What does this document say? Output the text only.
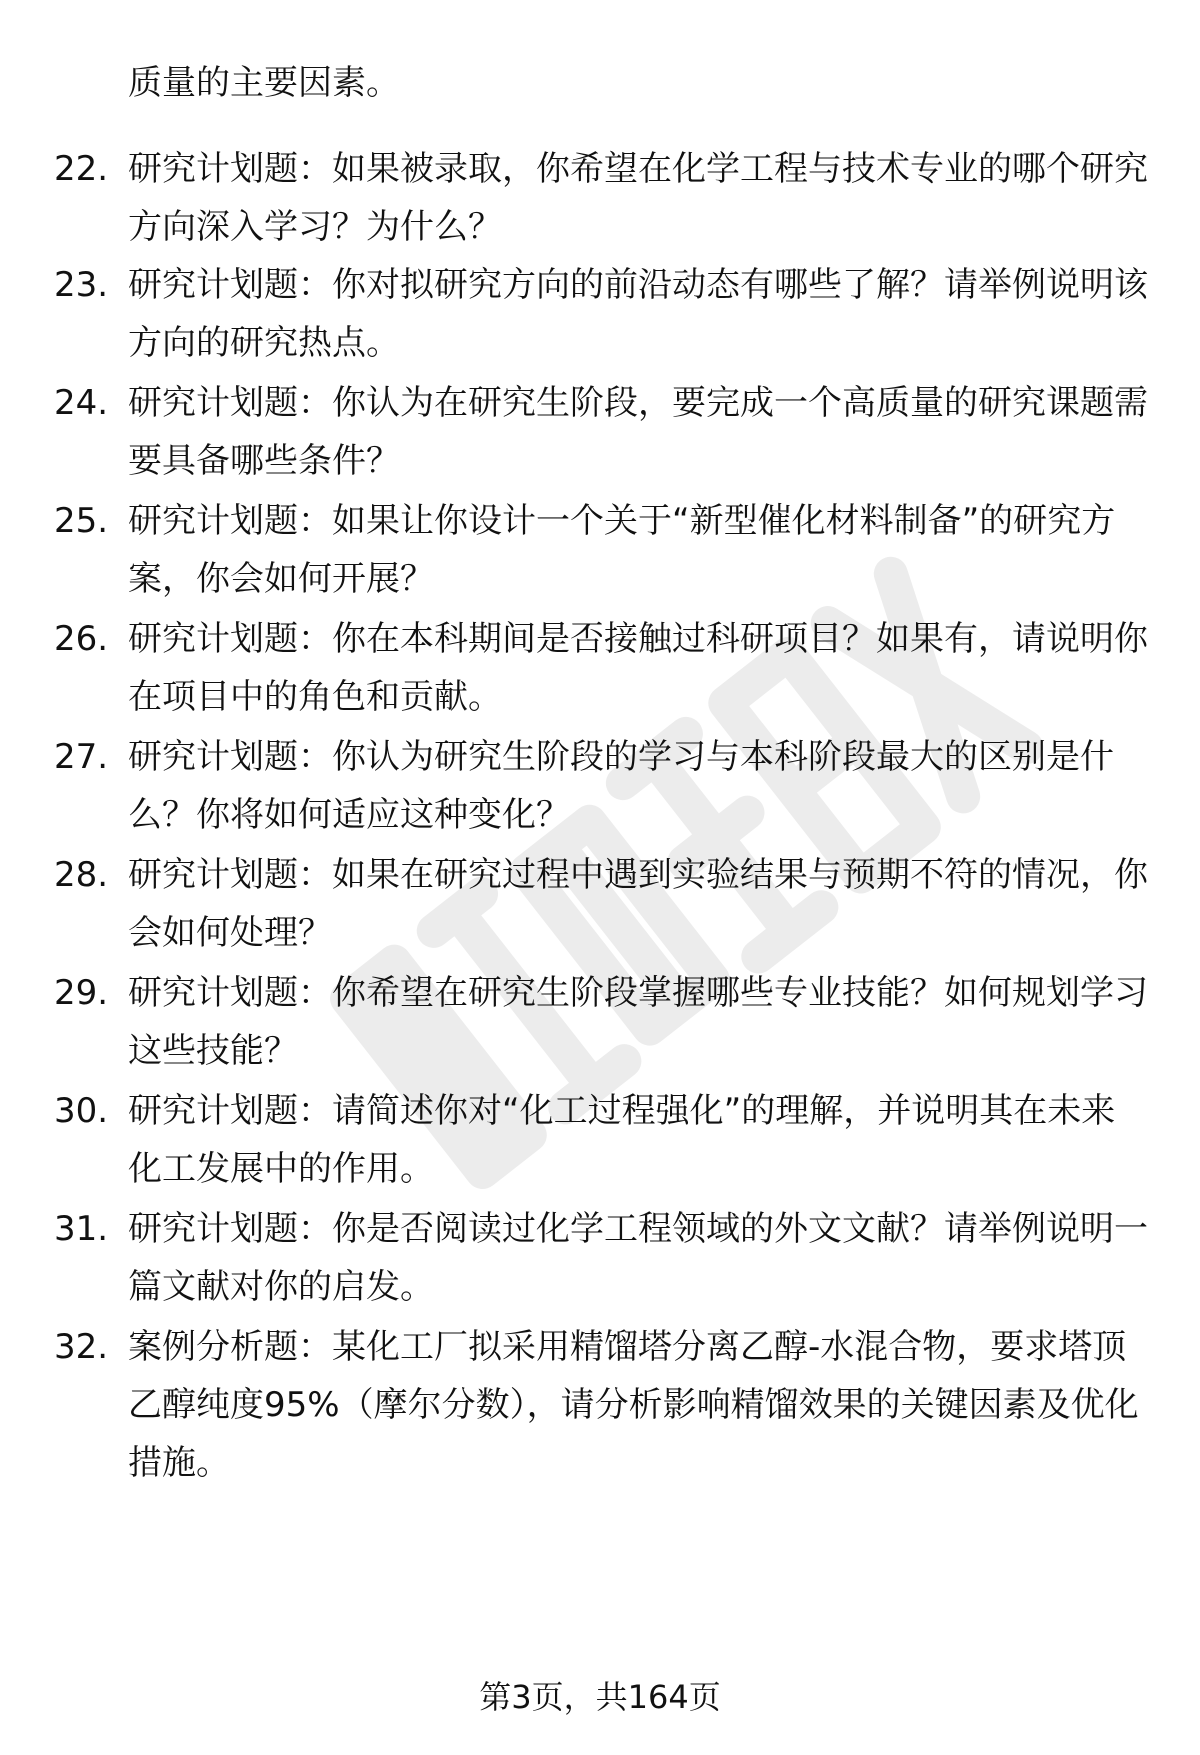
质量的主要因素。
22. 研究计划题：如果被录取，你希望在化学工程与技术专业的哪个研究方向深入学习？为什么？
23. 研究计划题：你对拟研究方向的前沿动态有哪些了解？请举例说明该方向的研究热点。
24. 研究计划题：你认为在研究生阶段，要完成一个高质量的研究课题需要具备哪些条件？
25. 研究计划题：如果让你设计一个关于“新型催化材料制备”的研究方案，你会如何开展？
26. 研究计划题：你在本科期间是否接触过科研项目？如果有，请说明你在项目中的角色和贡献。
27. 研究计划题：你认为研究生阶段的学习与本科阶段最大的区别是什么？你将如何适应这种变化？
28. 研究计划题：如果在研究过程中遇到实验结果与预期不符的情况，你会如何处理？
29. 研究计划题：你希望在研究生阶段掌握哪些专业技能？如何规划学习这些技能？
30. 研究计划题：请简述你对“化工过程强化”的理解，并说明其在未来化工发展中的作用。
31. 研究计划题：你是否阅读过化学工程领域的外文文献？请举例说明一篇文献对你的启发。
32. 案例分析题：某化工厂拟采用精馏塔分离乙醇-水混合物，要求塔顶乙醇纯度95%（摩尔分数），请分析影响精馏效果的关键因素及优化措施。
第3页，共164页
